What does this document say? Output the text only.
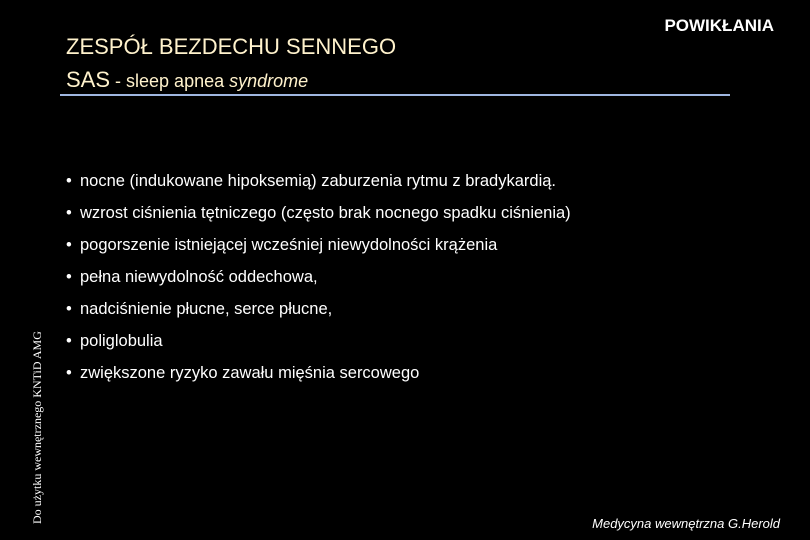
POWIKŁANIA
ZESPÓŁ BEZDECHU SENNEGO
SAS - sleep apnea syndrome
• nocne (indukowane hipoksemią) zaburzenia rytmu z bradykardią.
• wzrost ciśnienia tętniczego (często brak nocnego spadku ciśnienia)
• pogorszenie istniejącej wcześniej niewydolności krążenia
• pełna niewydolność oddechowa,
• nadciśnienie płucne, serce płucne,
• poliglobulia
• zwiększone ryzyko zawału mięśnia sercowego
Do użytku wewnętrznego KNTiD AMG	Medycyna wewnętrzna G.Herold
